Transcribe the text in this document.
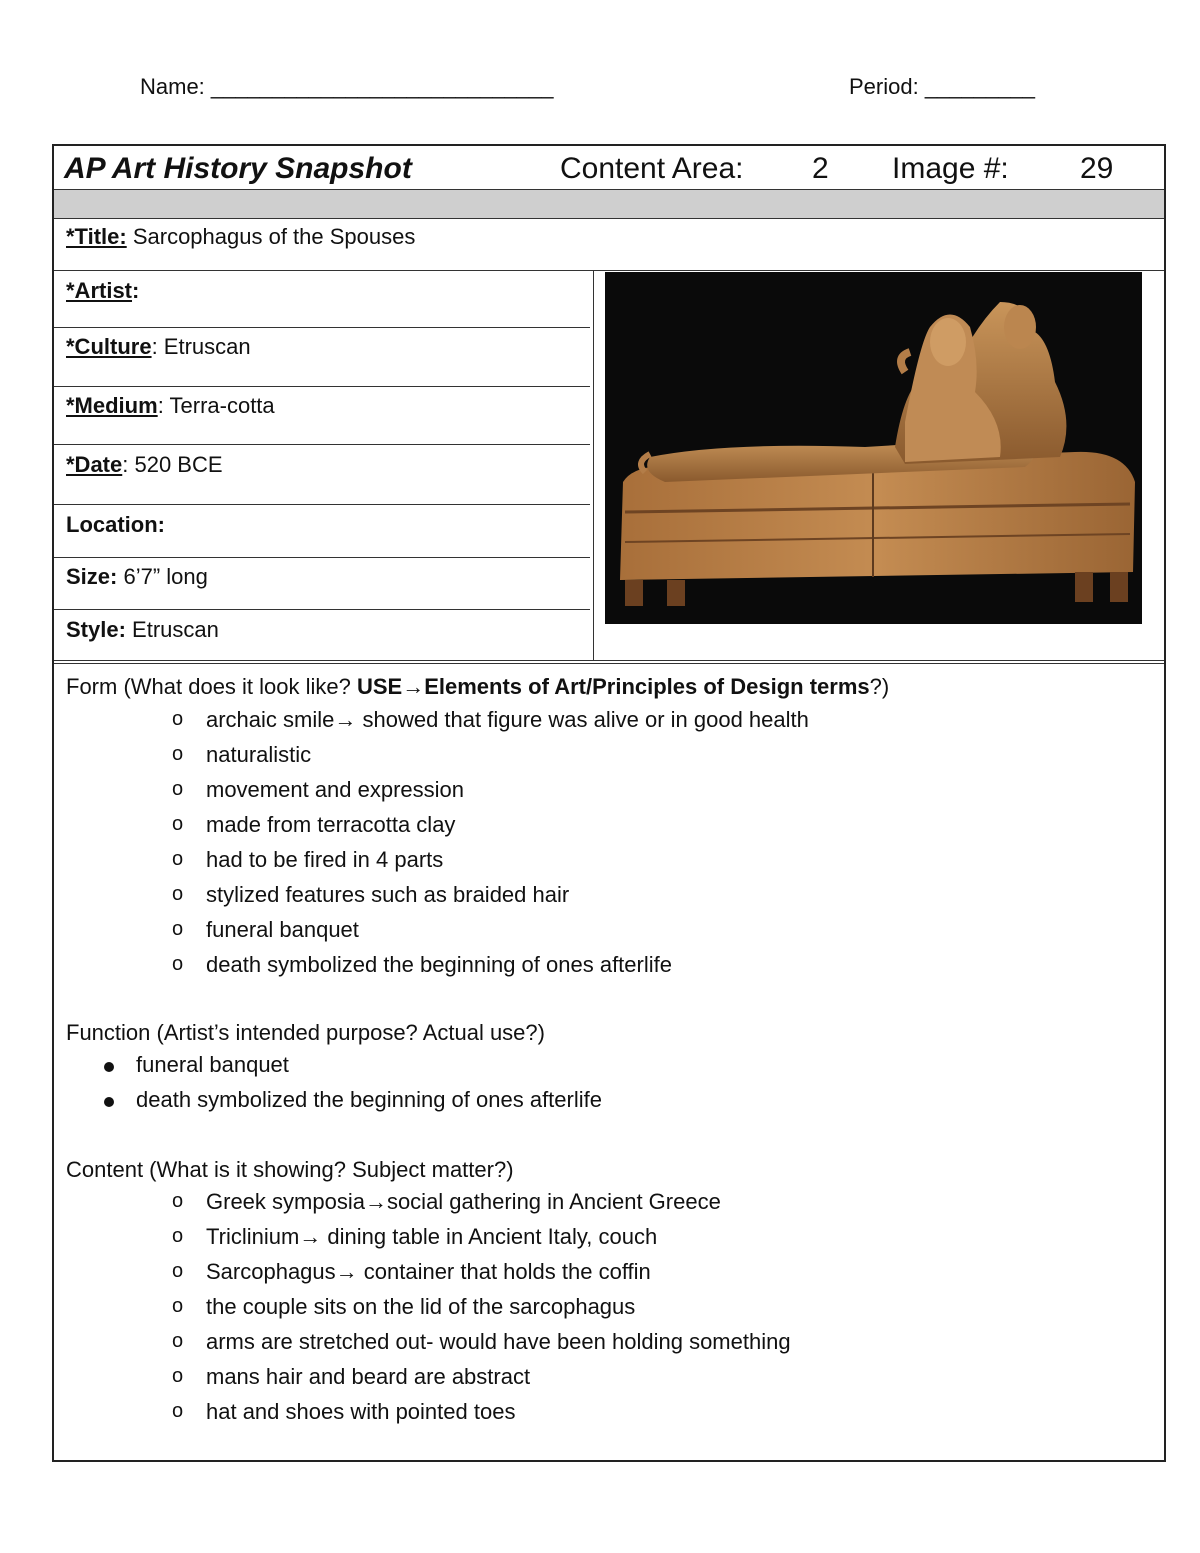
Name: ____________________________	Period: _________
AP Art History Snapshot	Content Area: 2 Image #: 29
*Title: Sarcophagus of the Spouses
*Artist:
*Culture: Etruscan
*Medium: Terra-cotta
*Date: 520 BCE
Location:
Size: 6’7” long
Style: Etruscan
Form (What does it look like? USE→Elements of Art/Principles of Design terms?)
o archaic smile→ showed that figure was alive or in good health
o naturalistic
o movement and expression
o made from terracotta clay
o had to be fired in 4 parts
o stylized features such as braided hair
o funeral banquet
o death symbolized the beginning of ones afterlife
Function (Artist’s intended purpose? Actual use?)
funeral banquet
death symbolized the beginning of ones afterlife
Content (What is it showing? Subject matter?)
o Greek symposia→social gathering in Ancient Greece
o Triclinium→ dining table in Ancient Italy, couch
o Sarcophagus→ container that holds the coffin
o the couple sits on the lid of the sarcophagus
o arms are stretched out- would have been holding something
o mans hair and beard are abstract
o hat and shoes with pointed toes
